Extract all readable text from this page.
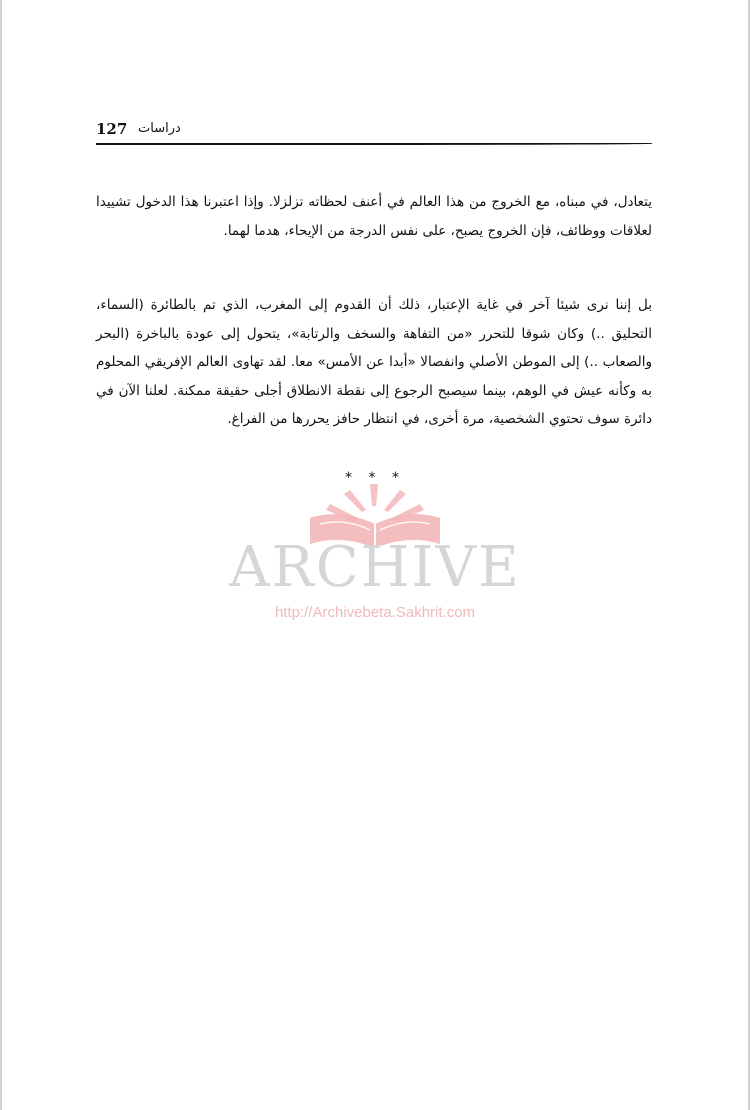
127 دراسات

يتعادل، في مبناه، مع الخروج من هذا العالم في أعنف لحظاته تزلزلا. وإذا اعتبرنا هذا الدخول تشييدا لعلاقات ووظائف، فإن الخروج يصبح، على نفس الدرجة من الإيحاء، هدما لهما.

بل إننا نرى شيئا آخر في غاية الإعتبار، ذلك أن القدوم إلى المغرب، الذي تم بالطائرة (السماء، التحليق ..) وكان شوقا للتحرر «من التفاهة والسخف والرتابة»، يتحول إلى عودة بالباخرة (البحر والصعاب ..) إلى الموطن الأصلي وانفصالا «أبدا عن الأمس» معا. لقد تهاوى العالم الإفريقي المحلوم به وكأنه عيش في الوهم، بينما سيصبح الرجوع إلى نقطة الانطلاق أجلى حقيقة ممكنة. لعلنا الآن في دائرة سوف تحتوي الشخصية، مرة أخرى، في انتظار حافز يحررها من الفراغ.

* * *
ARCHIVE
http://Archivebeta.Sakhrit.com
